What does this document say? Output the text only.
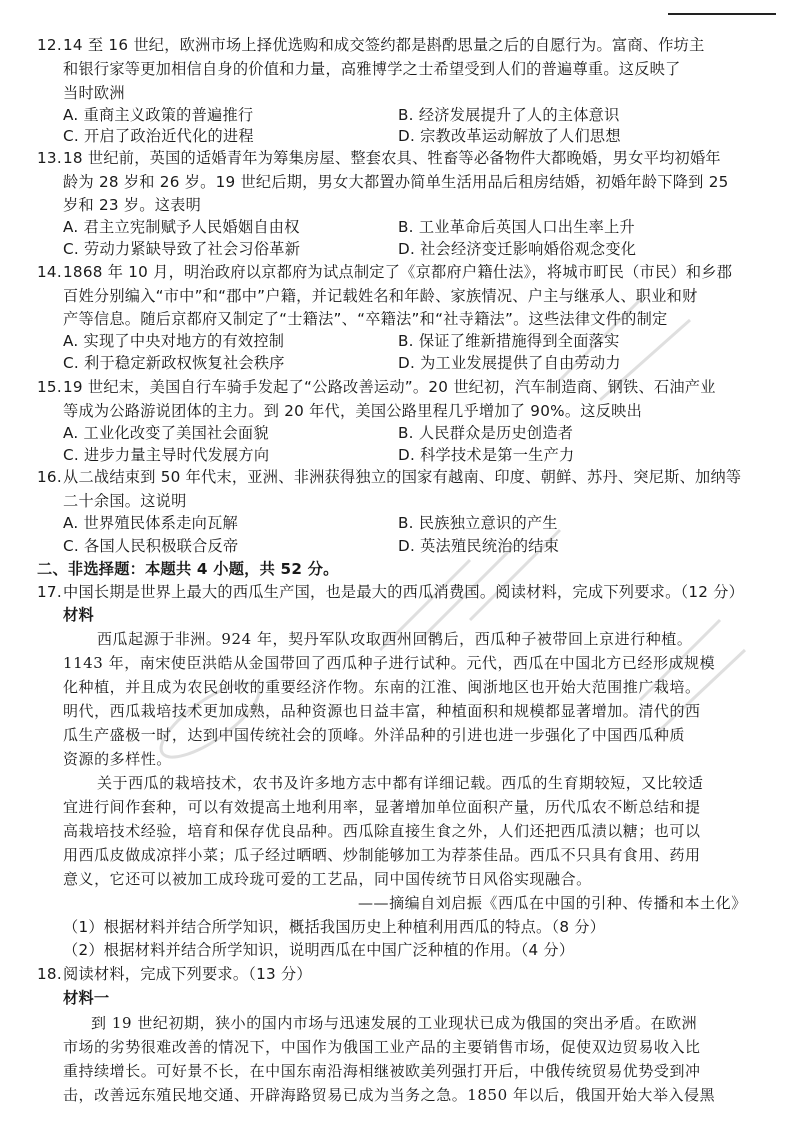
12. 14 至 16 世纪，欧洲市场上择优选购和成交签约都是斟酌思量之后的自愿行为。富商、作坊主
和银行家等更加相信自身的价值和力量，高雅博学之士希望受到人们的普遍尊重。这反映了
当时欧洲
A. 重商主义政策的普遍推行	B. 经济发展提升了人的主体意识
C. 开启了政治近代化的进程	D. 宗教改革运动解放了人们思想
13. 18 世纪前，英国的适婚青年为筹集房屋、整套农具、牲畜等必备物件大都晚婚，男女平均初婚年
龄为 28 岁和 26 岁。19 世纪后期，男女大都置办简单生活用品后租房结婚，初婚年龄下降到 25
岁和 23 岁。这表明
A. 君主立宪制赋予人民婚姻自由权	B. 工业革命后英国人口出生率上升
C. 劳动力紧缺导致了社会习俗革新	D. 社会经济变迁影响婚俗观念变化
14. 1868 年 10 月，明治政府以京都府为试点制定了《京都府户籍仕法》，将城市町民（市民）和乡郡
百姓分别编入“市中”和“郡中”户籍，并记载姓名和年龄、家族情况、户主与继承人、职业和财
产等信息。随后京都府又制定了“士籍法”、“卒籍法”和“社寺籍法”。这些法律文件的制定
A. 实现了中央对地方的有效控制	B. 保证了维新措施得到全面落实
C. 利于稳定新政权恢复社会秩序	D. 为工业发展提供了自由劳动力
15. 19 世纪末，美国自行车骑手发起了“公路改善运动”。20 世纪初，汽车制造商、钢铁、石油产业
等成为公路游说团体的主力。到 20 年代，美国公路里程几乎增加了 90%。这反映出
A. 工业化改变了美国社会面貌	B. 人民群众是历史创造者
C. 进步力量主导时代发展方向	D. 科学技术是第一生产力
16. 从二战结束到 50 年代末，亚洲、非洲获得独立的国家有越南、印度、朝鲜、苏丹、突尼斯、加纳等
二十余国。这说明
A. 世界殖民体系走向瓦解	B. 民族独立意识的产生
C. 各国人民积极联合反帝	D. 英法殖民统治的结束
二、非选择题：本题共 4 小题，共 52 分。
17. 中国长期是世界上最大的西瓜生产国，也是最大的西瓜消费国。阅读材料，完成下列要求。（12 分）
材料
西瓜起源于非洲。924 年，契丹军队攻取西州回鹘后，西瓜种子被带回上京进行种植。
1143 年，南宋使臣洪皓从金国带回了西瓜种子进行试种。元代，西瓜在中国北方已经形成规模
化种植，并且成为农民创收的重要经济作物。东南的江淮、闽浙地区也开始大范围推广栽培。
明代，西瓜栽培技术更加成熟，品种资源也日益丰富，种植面积和规模都显著增加。清代的西
瓜生产盛极一时，达到中国传统社会的顶峰。外洋品种的引进也进一步强化了中国西瓜种质
资源的多样性。
关于西瓜的栽培技术，农书及许多地方志中都有详细记载。西瓜的生育期较短，又比较适
宜进行间作套种，可以有效提高土地利用率，显著增加单位面积产量，历代瓜农不断总结和提
高栽培技术经验，培育和保存优良品种。西瓜除直接生食之外，人们还把西瓜渍以糖；也可以
用西瓜皮做成凉拌小菜；瓜子经过晒晒、炒制能够加工为荐茶佳品。西瓜不只具有食用、药用
意义，它还可以被加工成玲珑可爱的工艺品，同中国传统节日风俗实现融合。
——摘编自刘启振《西瓜在中国的引种、传播和本土化》
（1）根据材料并结合所学知识，概括我国历史上种植利用西瓜的特点。（8 分）
（2）根据材料并结合所学知识，说明西瓜在中国广泛种植的作用。（4 分）
18. 阅读材料，完成下列要求。（13 分）
材料一
到 19 世纪初期，狭小的国内市场与迅速发展的工业现状已成为俄国的突出矛盾。在欧洲
市场的劣势很难改善的情况下，中国作为俄国工业产品的主要销售市场，促使双边贸易收入比
重持续增长。可好景不长，在中国东南沿海相继被欧美列强打开后，中俄传统贸易优势受到冲
击，改善远东殖民地交通、开辟海路贸易已成为当务之急。1850 年以后，俄国开始大举入侵黑
